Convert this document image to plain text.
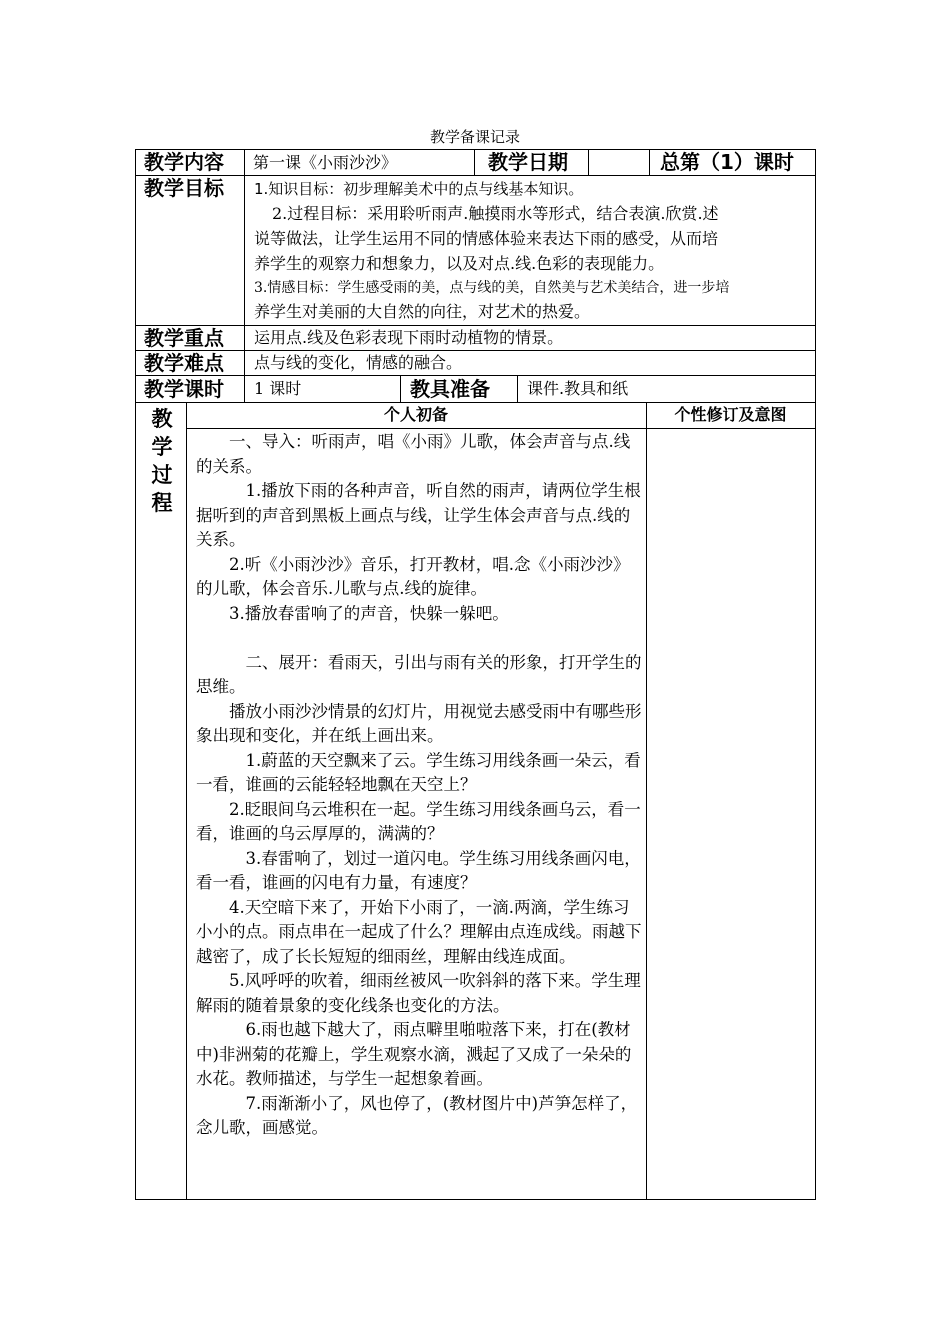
教学备课记录
教学内容 第一课《小雨沙沙》	教学日期	总第（1）课时
教学目标 1.知识目标：初步理解美术中的点与线基本知识。
2.过程目标：采用聆听雨声.触摸雨水等形式，结合表演.欣赏.述
说等做法，让学生运用不同的情感体验来表达下雨的感受，从而培
养学生的观察力和想象力，以及对点.线.色彩的表现能力。
3.情感目标：学生感受雨的美，点与线的美，自然美与艺术美结合，进一步培
养学生对美丽的大自然的向往，对艺术的热爱。
教学重点 运用点.线及色彩表现下雨时动植物的情景。
教学难点 点与线的变化，情感的融合。
教学课时 1 课时	教具准备 课件.教具和纸
教
学
过
程
个人初备	个性修订及意图

　　一、导入：听雨声，唱《小雨》儿歌，体会声音与点.线的关系。

　　　1.播放下雨的各种声音，听自然的雨声，请两位学生根据听到的声音到黑板上画点与线，让学生体会声音与点.线的关系。

　　2.听《小雨沙沙》音乐，打开教材，唱.念《小雨沙沙》的儿歌，体会音乐.儿歌与点.线的旋律。

　　3.播放春雷响了的声音，快躲一躲吧。

　　　二、展开：看雨天，引出与雨有关的形象，打开学生的思维。

　　播放小雨沙沙情景的幻灯片，用视觉去感受雨中有哪些形象出现和变化，并在纸上画出来。

　　　1.蔚蓝的天空飘来了云。学生练习用线条画一朵云，看一看，谁画的云能轻轻地飘在天空上？

　　2.眨眼间乌云堆积在一起。学生练习用线条画乌云，看一看，谁画的乌云厚厚的，满满的？

　　　3.春雷响了，划过一道闪电。学生练习用线条画闪电，看一看，谁画的闪电有力量，有速度？

　　4.天空暗下来了，开始下小雨了，一滴.两滴，学生练习小小的点。雨点串在一起成了什么？理解由点连成线。雨越下越密了，成了长长短短的细雨丝，理解由线连成面。

　　5.风呼呼的吹着，细雨丝被风一吹斜斜的落下来。学生理解雨的随着景象的变化线条也变化的方法。

　　　6.雨也越下越大了，雨点噼里啪啦落下来，打在(教材中)非洲菊的花瓣上，学生观察水滴，溅起了又成了一朵朵的水花。教师描述，与学生一起想象着画。

　　　7.雨渐渐小了，风也停了，(教材图片中)芦笋怎样了，念儿歌，画感觉。
